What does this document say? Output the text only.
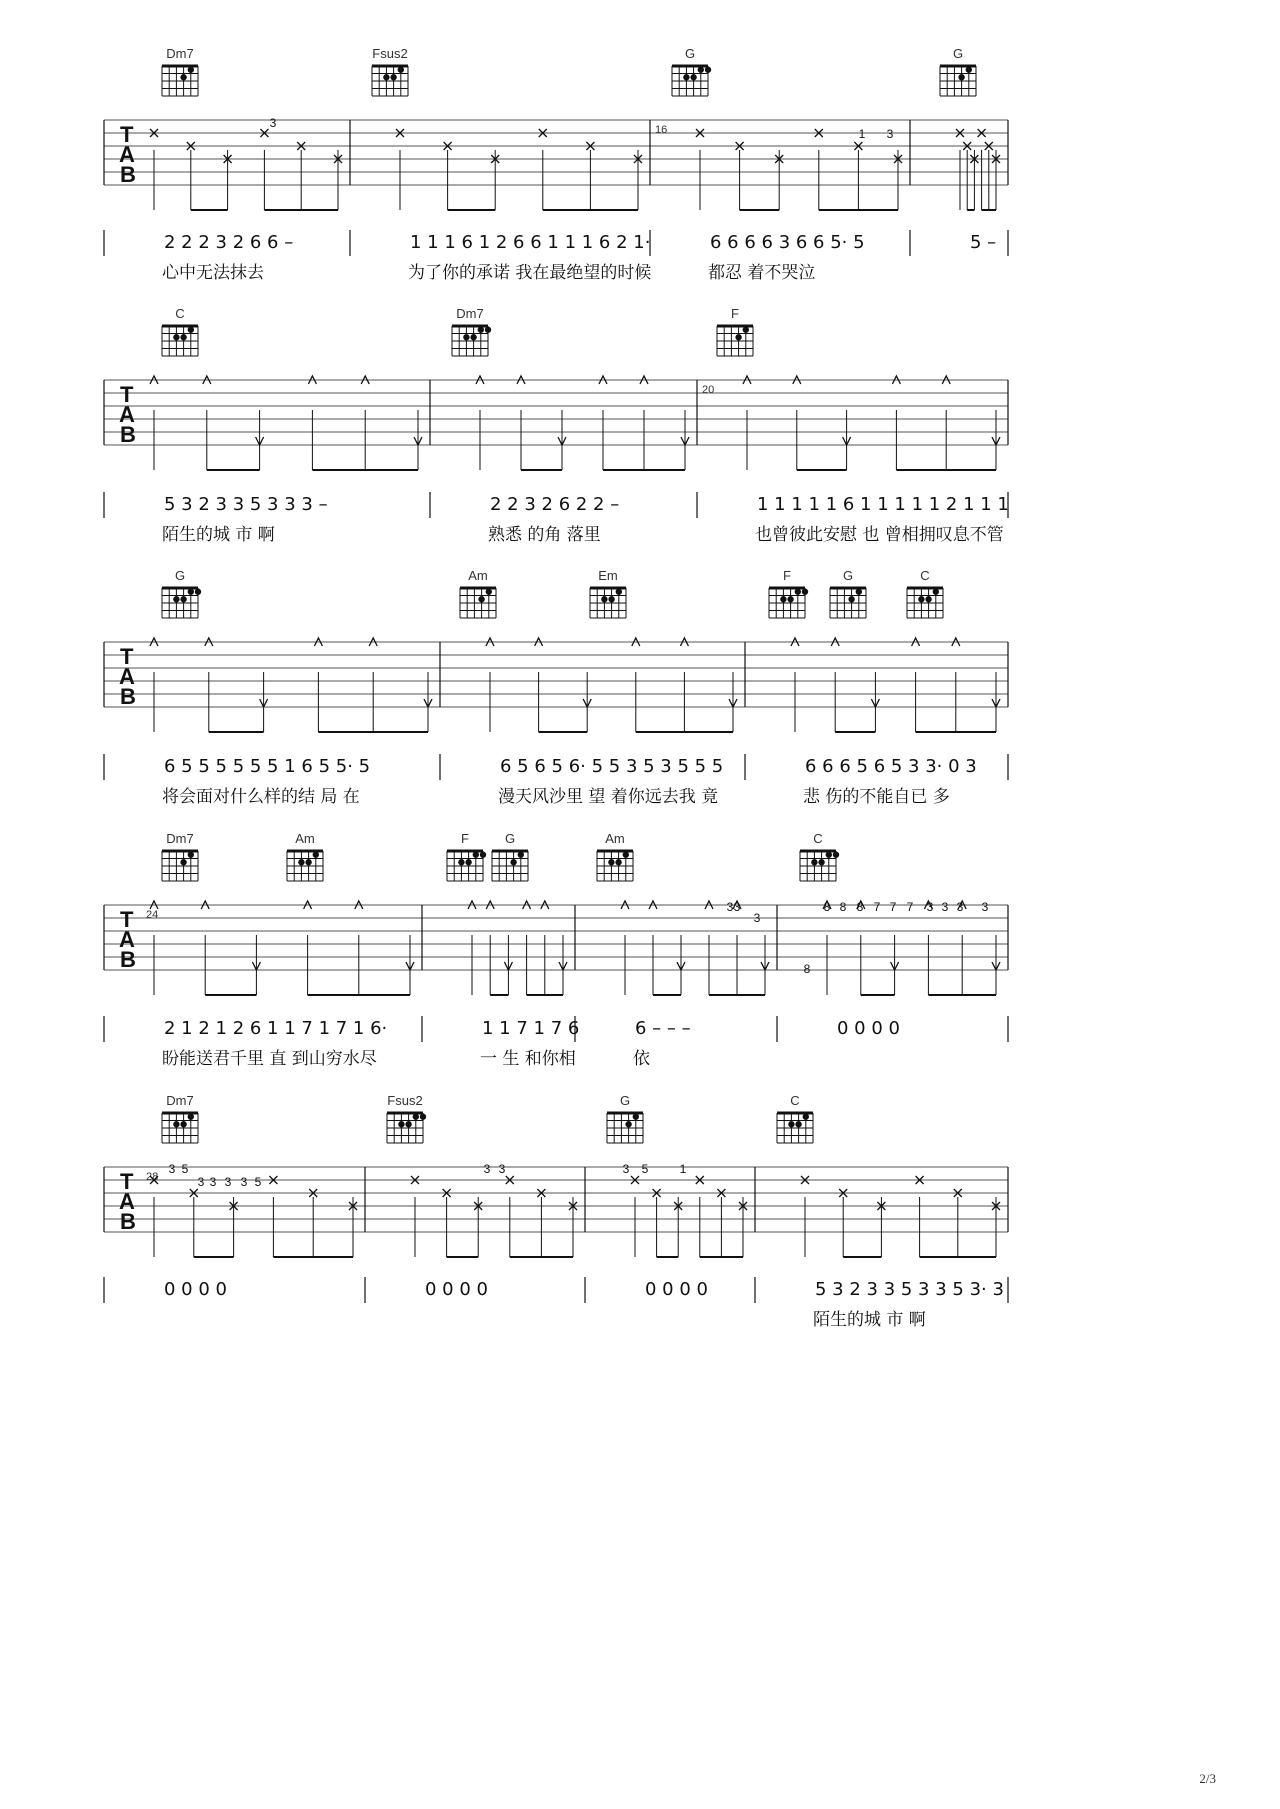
Dm7	Fsus2	G	G
T
A
B
16
2 2 2 3 2 6 6 –	1 1 1 6 1 2 6 6 1 1 1 6 2 1·	6 6 6 6 3 6 6 5· 5	5 –
心中无法抹去	为了你的承诺 我在最绝望的时候	都忍 着不哭泣
C	Dm7	F
T
A
B
20
5 3 2 3 3 5 3 3 3 –	2 2 3 2 6 2 2 –	1 1 1 1 1 6 1 1 1 1 1 2 1 1 1
陌生的城 市 啊	熟悉 的角 落里	也曾彼此安慰 也 曾相拥叹息不管
G	Am	Em	F	G	C
T
A
B
6 5 5 5 5 5 5 1 6 5 5· 5	6 5 6 5 6· 5 5 3 5 3 5 5 5	6 6 6 5 6 5 3 3· 0 3
将会面对什么样的结 局 在	漫天风沙里 望 着你远去我 竟	悲 伤的不能自已 多
Dm7	Am	F	G	Am	C
T
A
B
24
2 1 2 1 2 6 1 1 7 1 7 1 6·	1 1 7 1 7 6	6 – – –	0 0 0 0
盼能送君千里 直 到山穷水尽	一 生 和你相	依
Dm7	Fsus2	G	C
T
A
B
28
0 0 0 0	0 0 0 0	0 0 0 0	5 3 2 3 3 5 3 3 5 3· 3
陌生的城 市 啊
3
1 3
3
3
8 8 8 7 7 7 3 3 3 3
8
3
3 5
3 3 3 3 5
3 3	3 5	1
2/3
